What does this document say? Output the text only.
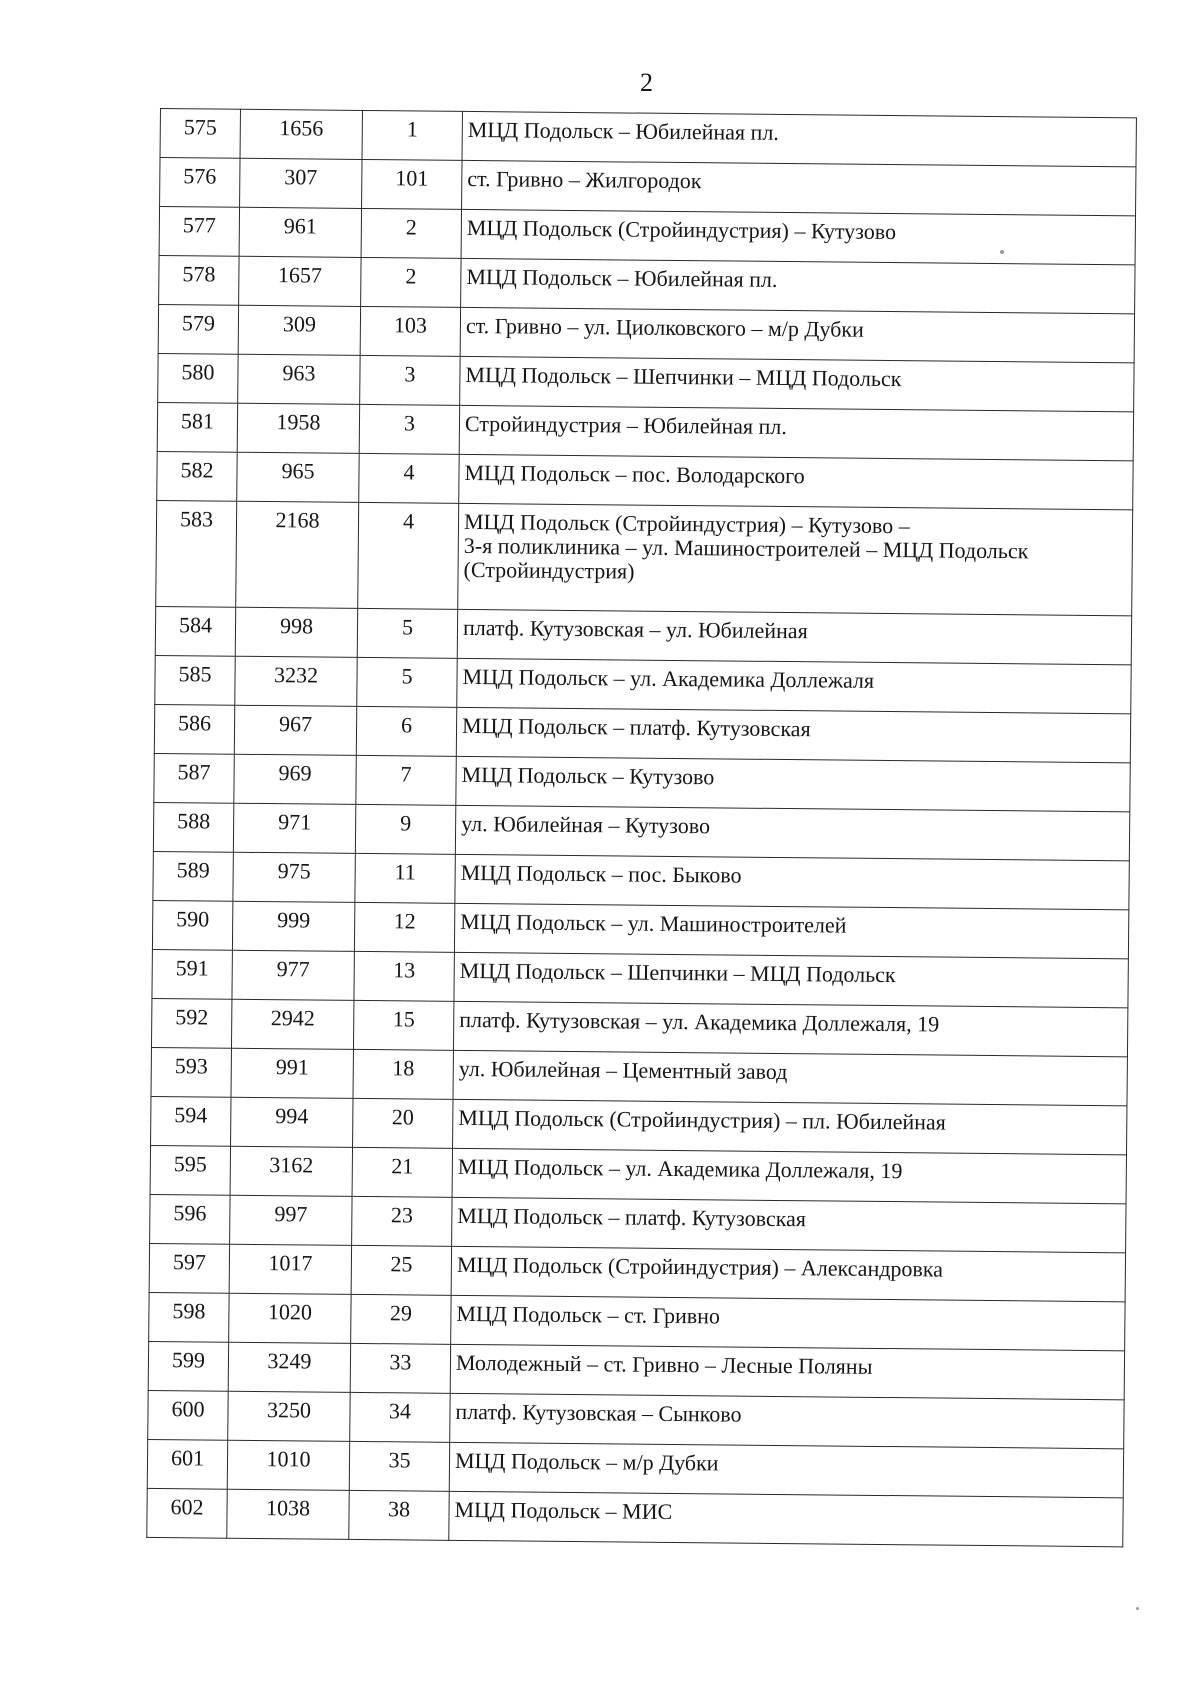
2
575	1656	1	МЦД Подольск – Юбилейная пл.
576	307	101	ст. Гривно – Жилгородок
577	961	2	МЦД Подольск (Стройиндустрия) – Кутузово
578	1657	2	МЦД Подольск – Юбилейная пл.
579	309	103	ст. Гривно – ул. Циолковского – м/р Дубки
580	963	3	МЦД Подольск – Шепчинки – МЦД Подольск
581	1958	3	Стройиндустрия – Юбилейная пл.
582	965	4	МЦД Подольск – пос. Володарского
583	2168	4	МЦД Подольск (Стройиндустрия) – Кутузово –
3-я поликлиника – ул. Машиностроителей – МЦД Подольск
(Стройиндустрия)
584	998	5	платф. Кутузовская – ул. Юбилейная
585	3232	5	МЦД Подольск – ул. Академика Доллежаля
586	967	6	МЦД Подольск – платф. Кутузовская
587	969	7	МЦД Подольск – Кутузово
588	971	9	ул. Юбилейная – Кутузово
589	975	11	МЦД Подольск – пос. Быково
590	999	12	МЦД Подольск – ул. Машиностроителей
591	977	13	МЦД Подольск – Шепчинки – МЦД Подольск
592	2942	15	платф. Кутузовская – ул. Академика Доллежаля, 19
593	991	18	ул. Юбилейная – Цементный завод
594	994	20	МЦД Подольск (Стройиндустрия) – пл. Юбилейная
595	3162	21	МЦД Подольск – ул. Академика Доллежаля, 19
596	997	23	МЦД Подольск – платф. Кутузовская
597	1017	25	МЦД Подольск (Стройиндустрия) – Александровка
598	1020	29	МЦД Подольск – ст. Гривно
599	3249	33	Молодежный – ст. Гривно – Лесные Поляны
600	3250	34	платф. Кутузовская – Сынково
601	1010	35	МЦД Подольск – м/р Дубки
602	1038	38	МЦД Подольск – МИС
